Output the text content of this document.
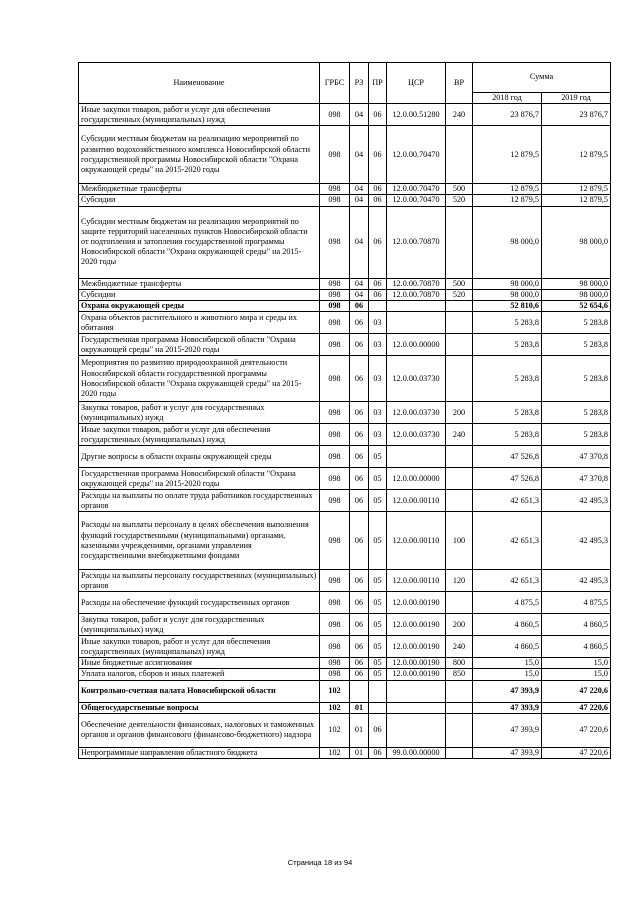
Наименование	ГРБС	РЗ	ПР	ЦСР	ВР	Сумма	
						2018 год	2019 год
Иные закупки товаров, работ и услуг для обеспечения государственных (муниципальных) нужд	098	04	06	12.0.00.51280	240	23 876,7	23 876,7
Субсидии местным бюджетам на реализацию мероприятий по развитию водохозяйственного комплекса Новосибирской области государственной программы Новосибирской области "Охрана окружающей среды" на 2015-2020 годы	098	04	06	12.0.00.70470		12 879,5	12 879,5
Межбюджетные трансферты	098	04	06	12.0.00.70470	500	12 879,5	12 879,5
Субсидии	098	04	06	12.0.00.70470	520	12 879,5	12 879,5
Субсидии местным бюджетам на реализацию мероприятий по защите территорий населенных пунктов Новосибирской области от подтопления и затопления государственной программы Новосибирской области "Охрана окружающей среды" на 2015-2020 годы	098	04	06	12.0.00.70870		98 000,0	98 000,0
Межбюджетные трансферты	098	04	06	12.0.00.70870	500	98 000,0	98 000,0
Субсидии	098	04	06	12.0.00.70870	520	98 000,0	98 000,0
Охрана окружающей среды	098	06				52 810,6	52 654,6
Охрана объектов растительного и животного мира и среды их обитания	098	06	03			5 283,8	5 283,8
Государственная программа Новосибирской области "Охрана окружающей среды" на 2015-2020 годы	098	06	03	12.0.00.00000		5 283,8	5 283,8
Мероприятия по развитию природоохранной деятельности Новосибирской области государственной программы Новосибирской области "Охрана окружающей среды" на 2015-2020 годы	098	06	03	12.0.00.03730		5 283,8	5 283,8
Закупка товаров, работ и услуг для государственных (муниципальных) нужд	098	06	03	12.0.00.03730	200	5 283,8	5 283,8
Иные закупки товаров, работ и услуг для обеспечения государственных (муниципальных) нужд	098	06	03	12.0.00.03730	240	5 283,8	5 283,8
Другие вопросы в области охраны окружающей среды	098	06	05			47 526,8	47 370,8
Государственная программа Новосибирской области "Охрана окружающей среды" на 2015-2020 годы	098	06	05	12.0.00.00000		47 526,8	47 370,8
Расходы на выплаты по оплате труда работников государственных органов	098	06	05	12.0.00.00110		42 651,3	42 495,3
Расходы на выплаты персоналу в целях обеспечения выполнения функций государственными (муниципальными) органами, казенными учреждениями, органами управления государственными внебюджетными фондами	098	06	05	12.0.00.00110	100	42 651,3	42 495,3
Расходы на выплаты персоналу государственных (муниципальных) органов	098	06	05	12.0.00.00110	120	42 651,3	42 495,3
Расходы на обеспечение функций государственных органов	098	06	05	12.0.00.00190		4 875,5	4 875,5
Закупка товаров, работ и услуг для государственных (муниципальных) нужд	098	06	05	12.0.00.00190	200	4 860,5	4 860,5
Иные закупки товаров, работ и услуг для обеспечения государственных (муниципальных) нужд	098	06	05	12.0.00.00190	240	4 860,5	4 860,5
Иные бюджетные ассигнования	098	06	05	12.0.00.00190	800	15,0	15,0
Уплата налогов, сборов и иных платежей	098	06	05	12.0.00.00190	850	15,0	15,0
Контрольно-счетная палата Новосибирской области	102					47 393,9	47 220,6
Общегосударственные вопросы	102	01				47 393,9	47 220,6
Обеспечение деятельности финансовых, налоговых и таможенных органов и органов финансового (финансово-бюджетного) надзора	102	01	06			47 393,9	47 220,6
Непрограммные направления областного бюджета	102	01	06	99.0.00.00000		47 393,9	47 220,6
Страница 18 из 94
